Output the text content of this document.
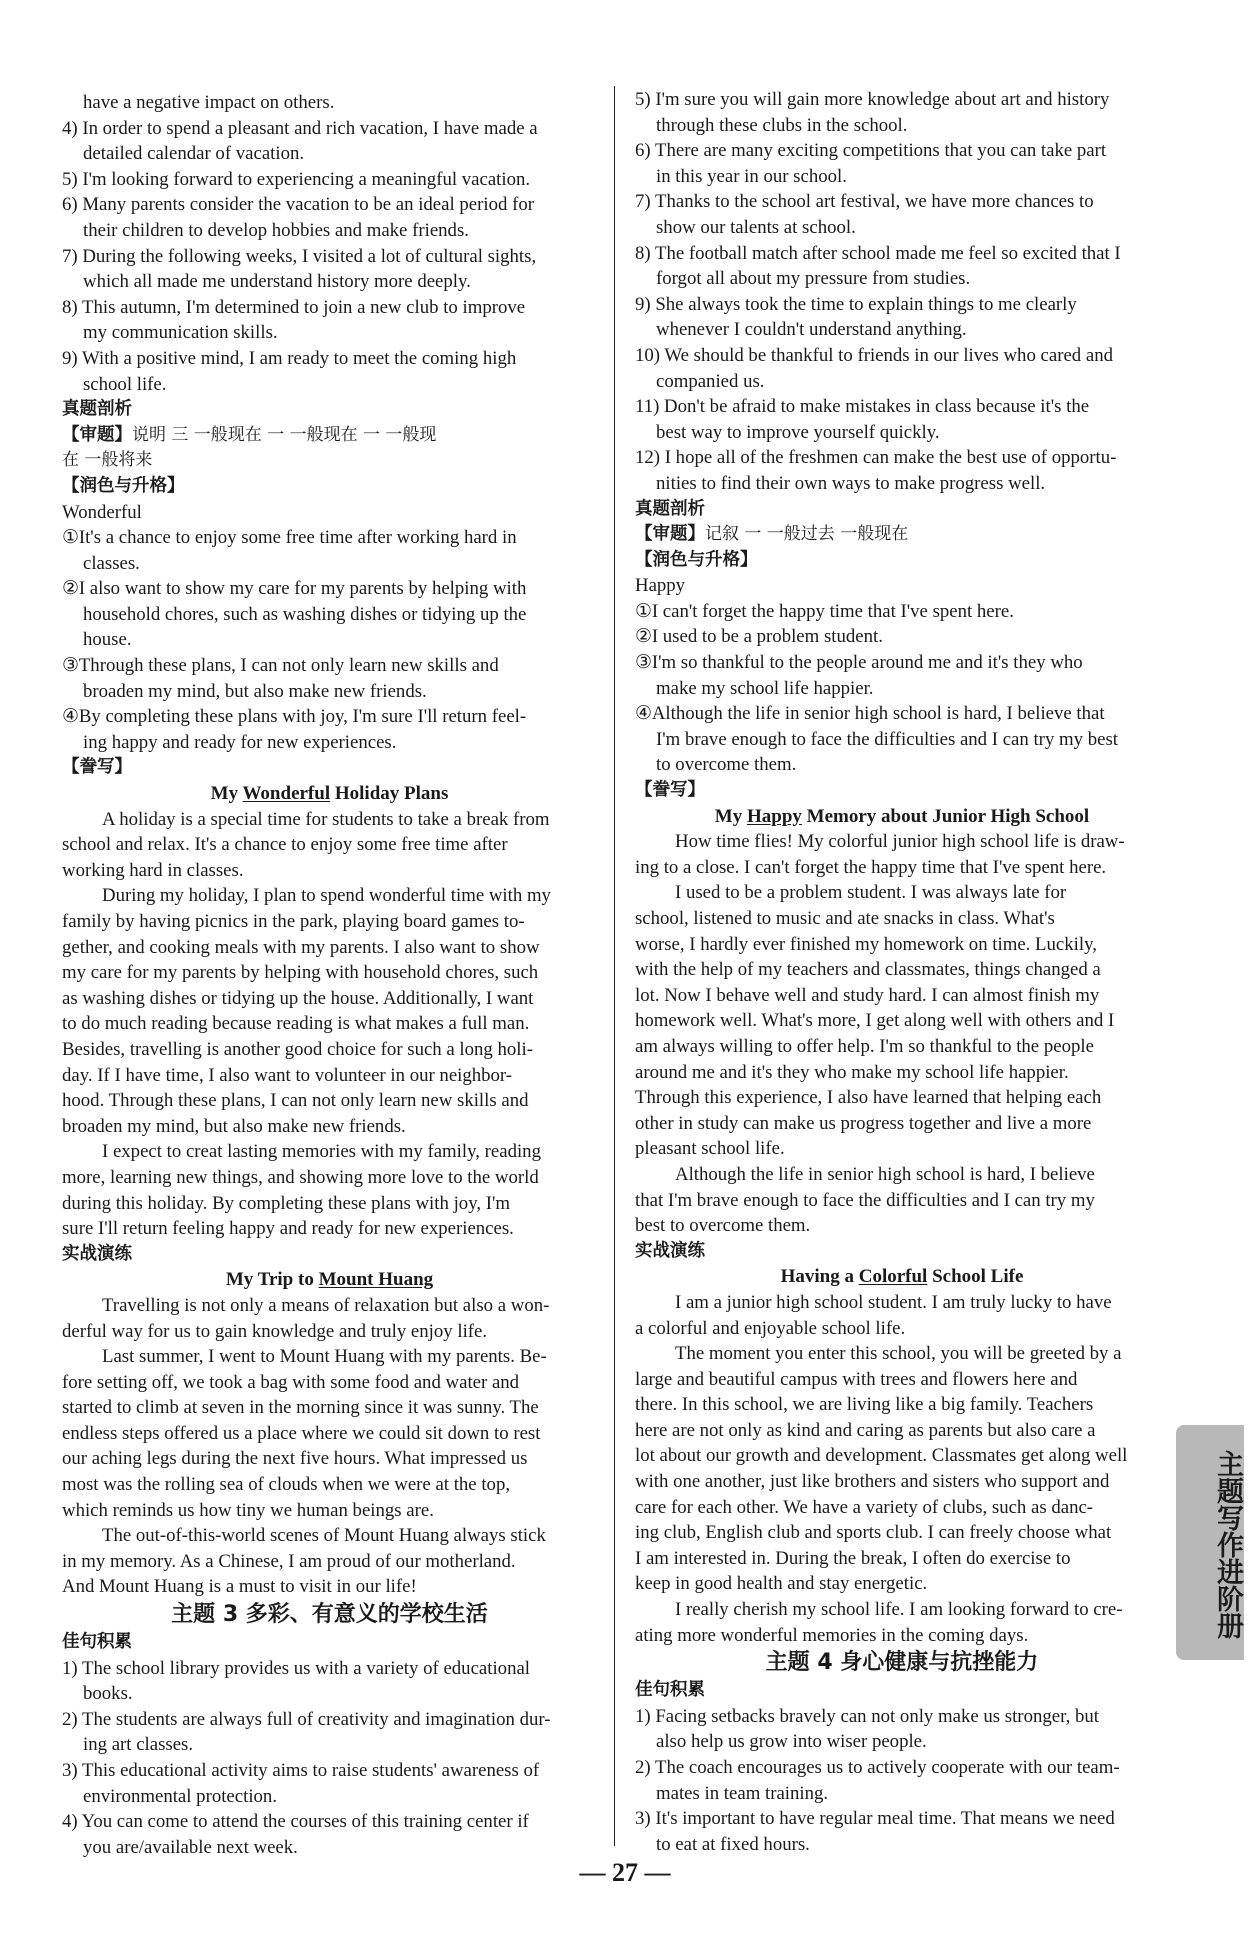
have a negative impact on others.
4) In order to spend a pleasant and rich vacation, I have made a
detailed calendar of vacation.
5) I'm looking forward to experiencing a meaningful vacation.
6) Many parents consider the vacation to be an ideal period for
their children to develop hobbies and make friends.
7) During the following weeks, I visited a lot of cultural sights,
which all made me understand history more deeply.
8) This autumn, I'm determined to join a new club to improve
my communication skills.
9) With a positive mind, I am ready to meet the coming high
school life.
真题剖析
【审题】说明 三 一般现在 一 一般现在 一 一般现
在 一般将来
【润色与升格】
Wonderful
①It's a chance to enjoy some free time after working hard in
classes.
②I also want to show my care for my parents by helping with
household chores, such as washing dishes or tidying up the
house.
③Through these plans, I can not only learn new skills and
broaden my mind, but also make new friends.
④By completing these plans with joy, I'm sure I'll return feel-
ing happy and ready for new experiences.
【誊写】
My Wonderful Holiday Plans
A holiday is a special time for students to take a break from
school and relax. It's a chance to enjoy some free time after
working hard in classes.
During my holiday, I plan to spend wonderful time with my
family by having picnics in the park, playing board games to-
gether, and cooking meals with my parents. I also want to show
my care for my parents by helping with household chores, such
as washing dishes or tidying up the house. Additionally, I want
to do much reading because reading is what makes a full man.
Besides, travelling is another good choice for such a long holi-
day. If I have time, I also want to volunteer in our neighbor-
hood. Through these plans, I can not only learn new skills and
broaden my mind, but also make new friends.
I expect to creat lasting memories with my family, reading
more, learning new things, and showing more love to the world
during this holiday. By completing these plans with joy, I'm
sure I'll return feeling happy and ready for new experiences.
实战演练
My Trip to Mount Huang
Travelling is not only a means of relaxation but also a won-
derful way for us to gain knowledge and truly enjoy life.
Last summer, I went to Mount Huang with my parents. Be-
fore setting off, we took a bag with some food and water and
started to climb at seven in the morning since it was sunny. The
endless steps offered us a place where we could sit down to rest
our aching legs during the next five hours. What impressed us
most was the rolling sea of clouds when we were at the top,
which reminds us how tiny we human beings are.
The out-of-this-world scenes of Mount Huang always stick
in my memory. As a Chinese, I am proud of our motherland.
And Mount Huang is a must to visit in our life!
主题 3 多彩、有意义的学校生活
佳句积累
1) The school library provides us with a variety of educational
books.
2) The students are always full of creativity and imagination dur-
ing art classes.
3) This educational activity aims to raise students' awareness of
environmental protection.
4) You can come to attend the courses of this training center if
you are/available next week.
5) I'm sure you will gain more knowledge about art and history
through these clubs in the school.
6) There are many exciting competitions that you can take part
in this year in our school.
7) Thanks to the school art festival, we have more chances to
show our talents at school.
8) The football match after school made me feel so excited that I
forgot all about my pressure from studies.
9) She always took the time to explain things to me clearly
whenever I couldn't understand anything.
10) We should be thankful to friends in our lives who cared and
companied us.
11) Don't be afraid to make mistakes in class because it's the
best way to improve yourself quickly.
12) I hope all of the freshmen can make the best use of opportu-
nities to find their own ways to make progress well.
真题剖析
【审题】记叙 一 一般过去 一般现在
【润色与升格】
Happy
①I can't forget the happy time that I've spent here.
②I used to be a problem student.
③I'm so thankful to the people around me and it's they who
make my school life happier.
④Although the life in senior high school is hard, I believe that
I'm brave enough to face the difficulties and I can try my best
to overcome them.
【誊写】
My Happy Memory about Junior High School
How time flies! My colorful junior high school life is draw-
ing to a close. I can't forget the happy time that I've spent here.
I used to be a problem student. I was always late for
school, listened to music and ate snacks in class. What's
worse, I hardly ever finished my homework on time. Luckily,
with the help of my teachers and classmates, things changed a
lot. Now I behave well and study hard. I can almost finish my
homework well. What's more, I get along well with others and I
am always willing to offer help. I'm so thankful to the people
around me and it's they who make my school life happier.
Through this experience, I also have learned that helping each
other in study can make us progress together and live a more
pleasant school life.
Although the life in senior high school is hard, I believe
that I'm brave enough to face the difficulties and I can try my
best to overcome them.
实战演练
Having a Colorful School Life
I am a junior high school student. I am truly lucky to have
a colorful and enjoyable school life.
The moment you enter this school, you will be greeted by a
large and beautiful campus with trees and flowers here and
there. In this school, we are living like a big family. Teachers
here are not only as kind and caring as parents but also care a
lot about our growth and development. Classmates get along well
with one another, just like brothers and sisters who support and
care for each other. We have a variety of clubs, such as danc-
ing club, English club and sports club. I can freely choose what
I am interested in. During the break, I often do exercise to
keep in good health and stay energetic.
I really cherish my school life. I am looking forward to cre-
ating more wonderful memories in the coming days.
主题 4 身心健康与抗挫能力
佳句积累
1) Facing setbacks bravely can not only make us stronger, but
also help us grow into wiser people.
2) The coach encourages us to actively cooperate with our team-
mates in team training.
3) It's important to have regular meal time. That means we need
to eat at fixed hours.
主题写作进阶册
— 27 —
